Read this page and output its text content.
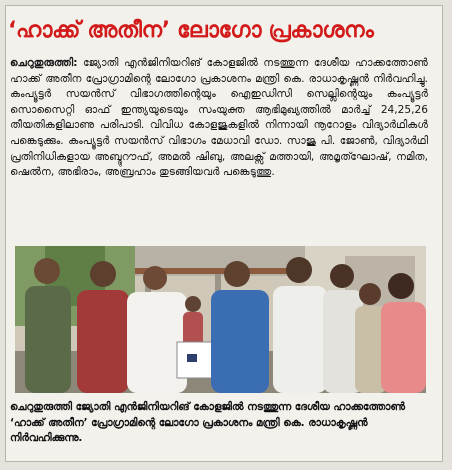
‘ഹാക്ക് അതീന’ ലോഗോ പ്രകാശനം

ചെറുതുരുത്തി: ജ്യോതി എൻജിനിയറിങ് കോളജിൽ നടത്തുന്ന ദേശീയ ഹാക്കത്തോൺ ഹാക്ക് അതീന പ്രോഗ്രാമിന്റെ ലോഗോ പ്രകാശനം മന്ത്രി കെ. രാധാകൃഷ്ണൻ നിർവഹിച്ചു. കംപ്യൂട്ടർ സയൻസ് വിഭാഗത്തിന്റെയും ഐഇഡിസി സെല്ലിന്റെയും കംപ്യൂട്ടർ സൊസൈറ്റി ഓഫ് ഇന്ത്യയുടെയും സംയുക്ത ആഭിമുഖ്യത്തിൽ മാർച്ച് 24,25,26 തീയതികളിലാണു പരിപാടി. വിവിധ കോളജുകളിൽ നിന്നായി നൂറോളം വിദ്യാർഥികൾ പങ്കെടുക്കും. കംപ്യൂട്ടർ സയൻസ് വിഭാഗം മേധാവി ഡോ. സാജു പി. ജോൺ, വിദ്യാർഥി പ്രതിനിധികളായ അബ്ദുറൗഫ്, അമൽ ഷിബു, അലക്സ് മത്തായി, അമൃത്ഘോഷ്, നമിത, ഷെൽന, അഭിരാം, അബ്രഹാം തുടങ്ങിയവർ പങ്കെടുത്തു.

ചെറുതുരുത്തി ജ്യോതി എൻജിനിയറിങ് കോളജിൽ നടത്തുന്ന ദേശീയ ഹാക്കത്തോൺ ‘ഹാക്ക് അതീന’ പ്രോഗ്രാമിന്റെ ലോഗോ പ്രകാശനം മന്ത്രി കെ. രാധാകൃഷ്ണൻ നിർവഹിക്കുന്നു.
